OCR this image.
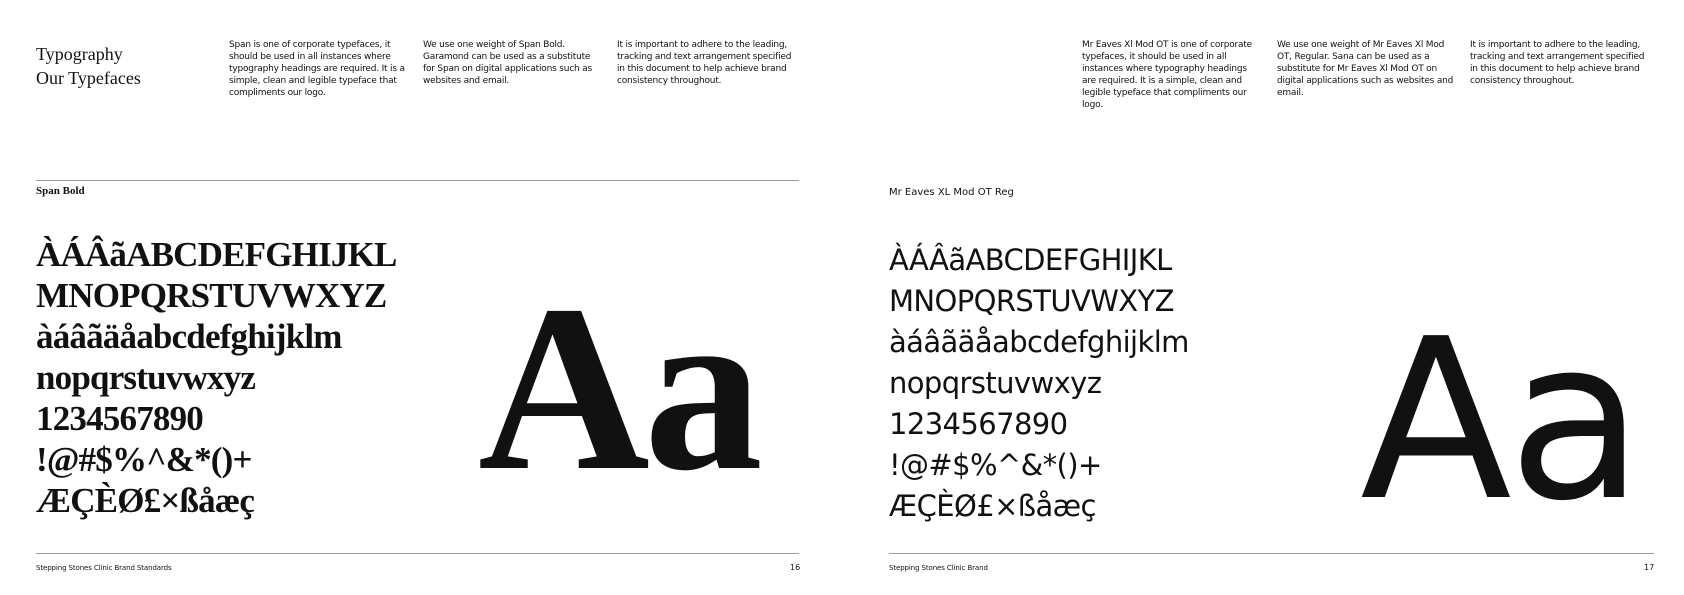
Typography
Our Typefaces
Span is one of corporate typefaces, it should be used in all instances where typography headings are required. It is a simple, clean and legible typeface that compliments our logo.
We use one weight of Span Bold. Garamond can be used as a substitute for Span on digital applications such as websites and email.
It is important to adhere to the leading, tracking and text arrangement specified in this document to help achieve brand consistency throughout.
Span Bold
ÀÁÂãABCDEFGHIJKL
MNOPQRSTUVWXYZ
àáâãäåabcdefghijklm
nopqrstuvwxyz
1234567890
!@#$%^&*()+
ÆÇÈØ£×ßåæç Aa
Stepping Stones Clinic Brand Standards	16
Mr Eaves Xl Mod OT is one of corporate typefaces, it should be used in all instances where typography headings are required. It is a simple, clean and legible typeface that compliments our logo.
We use one weight of Mr Eaves Xl Mod OT, Regular. Sana can be used as a substitute for Mr Eaves Xl Mod OT on digital applications such as websites and email.
It is important to adhere to the leading, tracking and text arrangement specified in this document to help achieve brand consistency throughout.
Mr Eaves XL Mod OT Reg
ÀÁÂãABCDEFGHIJKL
MNOPQRSTUVWXYZ
àáâãäåabcdefghijklm
nopqrstuvwxyz
1234567890
!@#$%^&*()+
ÆÇÈØ£×ßåæç	Aa
Stepping Stones Clinic Brand	17
